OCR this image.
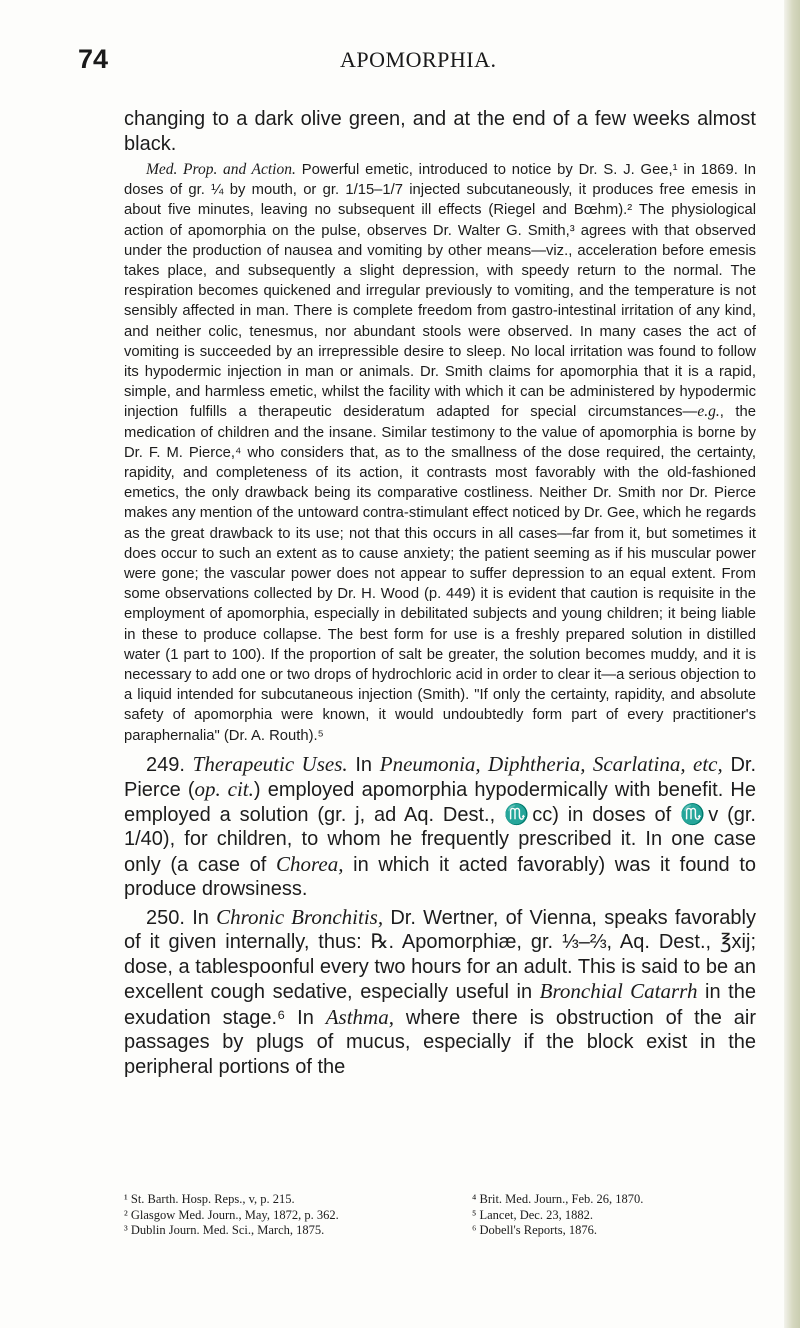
74	APOMORPHIA.

changing to a dark olive green, and at the end of a few weeks almost black.

Med. Prop. and Action. Powerful emetic, introduced to notice by Dr. S. J. Gee,¹ in 1869. In doses of gr. ¼ by mouth, or gr. 1/15–1/7 injected subcutaneously, it produces free emesis in about five minutes, leaving no subsequent ill effects (Riegel and Bœhm).² The physiological action of apomorphia on the pulse, observes Dr. Walter G. Smith,³ agrees with that observed under the production of nausea and vomiting by other means—viz., acceleration before emesis takes place, and subsequently a slight depression, with speedy return to the normal. The respiration becomes quickened and irregular previously to vomiting, and the temperature is not sensibly affected in man. There is complete freedom from gastro-intestinal irritation of any kind, and neither colic, tenesmus, nor abundant stools were observed. In many cases the act of vomiting is succeeded by an irrepressible desire to sleep. No local irritation was found to follow its hypodermic injection in man or animals. Dr. Smith claims for apomorphia that it is a rapid, simple, and harmless emetic, whilst the facility with which it can be administered by hypodermic injection fulfills a therapeutic desideratum adapted for special circumstances—e.g., the medication of children and the insane. Similar testimony to the value of apomorphia is borne by Dr. F. M. Pierce,⁴ who considers that, as to the smallness of the dose required, the certainty, rapidity, and completeness of its action, it contrasts most favorably with the old-fashioned emetics, the only drawback being its comparative costliness. Neither Dr. Smith nor Dr. Pierce makes any mention of the untoward contra-stimulant effect noticed by Dr. Gee, which he regards as the great drawback to its use; not that this occurs in all cases—far from it, but sometimes it does occur to such an extent as to cause anxiety; the patient seeming as if his muscular power were gone; the vascular power does not appear to suffer depression to an equal extent. From some observations collected by Dr. H. Wood (p. 449) it is evident that caution is requisite in the employment of apomorphia, especially in debilitated subjects and young children; it being liable in these to produce collapse. The best form for use is a freshly prepared solution in distilled water (1 part to 100). If the proportion of salt be greater, the solution becomes muddy, and it is necessary to add one or two drops of hydrochloric acid in order to clear it—a serious objection to a liquid intended for subcutaneous injection (Smith). "If only the certainty, rapidity, and absolute safety of apomorphia were known, it would undoubtedly form part of every practitioner's paraphernalia" (Dr. A. Routh).⁵

249. Therapeutic Uses. In Pneumonia, Diphtheria, Scarlatina, etc, Dr. Pierce (op. cit.) employed apomorphia hypodermically with benefit. He employed a solution (gr. j, ad Aq. Dest., ♏cc) in doses of ♏v (gr. 1/40), for children, to whom he frequently prescribed it. In one case only (a case of Chorea, in which it acted favorably) was it found to produce drowsiness.

250. In Chronic Bronchitis, Dr. Wertner, of Vienna, speaks favorably of it given internally, thus: ℞. Apomorphiæ, gr. ⅓–⅔, Aq. Dest., ℥xij; dose, a tablespoonful every two hours for an adult. This is said to be an excellent cough sedative, especially useful in Bronchial Catarrh in the exudation stage.⁶ In Asthma, where there is obstruction of the air passages by plugs of mucus, especially if the block exist in the peripheral portions of the

¹ St. Barth. Hosp. Reps., v, p. 215.
² Glasgow Med. Journ., May, 1872, p. 362.
³ Dublin Journ. Med. Sci., March, 1875.
⁴ Brit. Med. Journ., Feb. 26, 1870.
⁵ Lancet, Dec. 23, 1882.
⁶ Dobell's Reports, 1876.
